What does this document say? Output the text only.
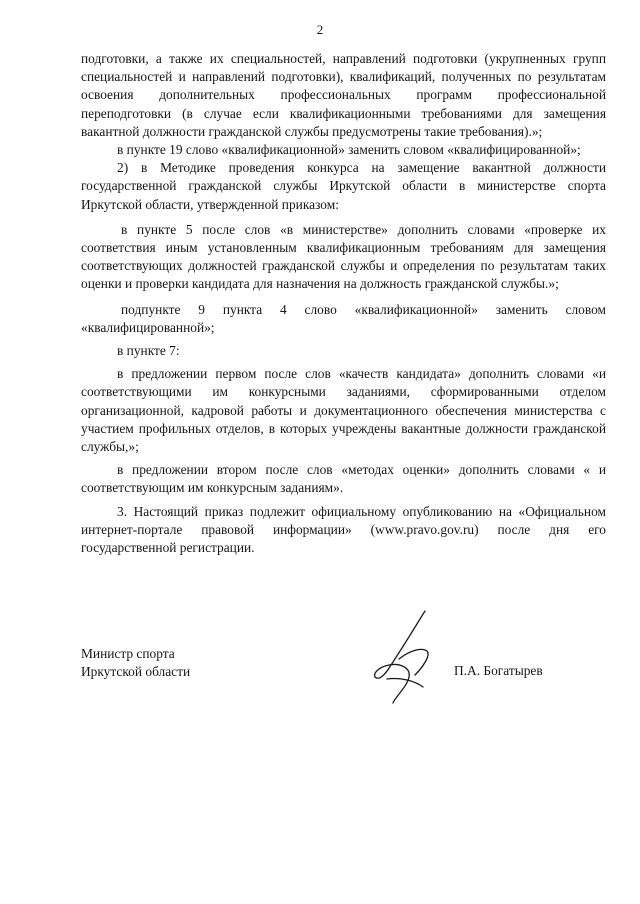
2

подготовки, а также их специальностей, направлений подготовки (укрупненных групп специальностей и направлений подготовки), квалификаций, полученных по результатам освоения дополнительных профессиональных программ профессиональной переподготовки (в случае если квалификационными требованиями для замещения вакантной должности гражданской службы предусмотрены такие требования).»;

в пункте 19 слово «квалификационной» заменить словом «квалифицированной»;

2) в Методике проведения конкурса на замещение вакантной должности государственной гражданской службы Иркутской области в министерстве спорта Иркутской области, утвержденной приказом:

в пункте 5 после слов «в министерстве» дополнить словами «проверке их соответствия иным установленным квалификационным требованиям для замещения соответствующих должностей гражданской службы и определения по результатам таких оценки и проверки кандидата для назначения на должность гражданской службы.»;

подпункте 9 пункта 4 слово «квалификационной» заменить словом «квалифицированной»;

в пункте 7:

в предложении первом после слов «качеств кандидата» дополнить словами «и соответствующими им конкурсными заданиями, сформированными отделом организационной, кадровой работы и документационного обеспечения министерства с участием профильных отделов, в которых учреждены вакантные должности гражданской службы,»;

в предложении втором после слов «методах оценки» дополнить словами « и соответствующим им конкурсным заданиям».

3. Настоящий приказ подлежит официальному опубликованию на «Официальном интернет-портале правовой информации» (www.pravo.gov.ru) после дня его государственной регистрации.

Министр спорта
Иркутской области	П.А. Богатырев
